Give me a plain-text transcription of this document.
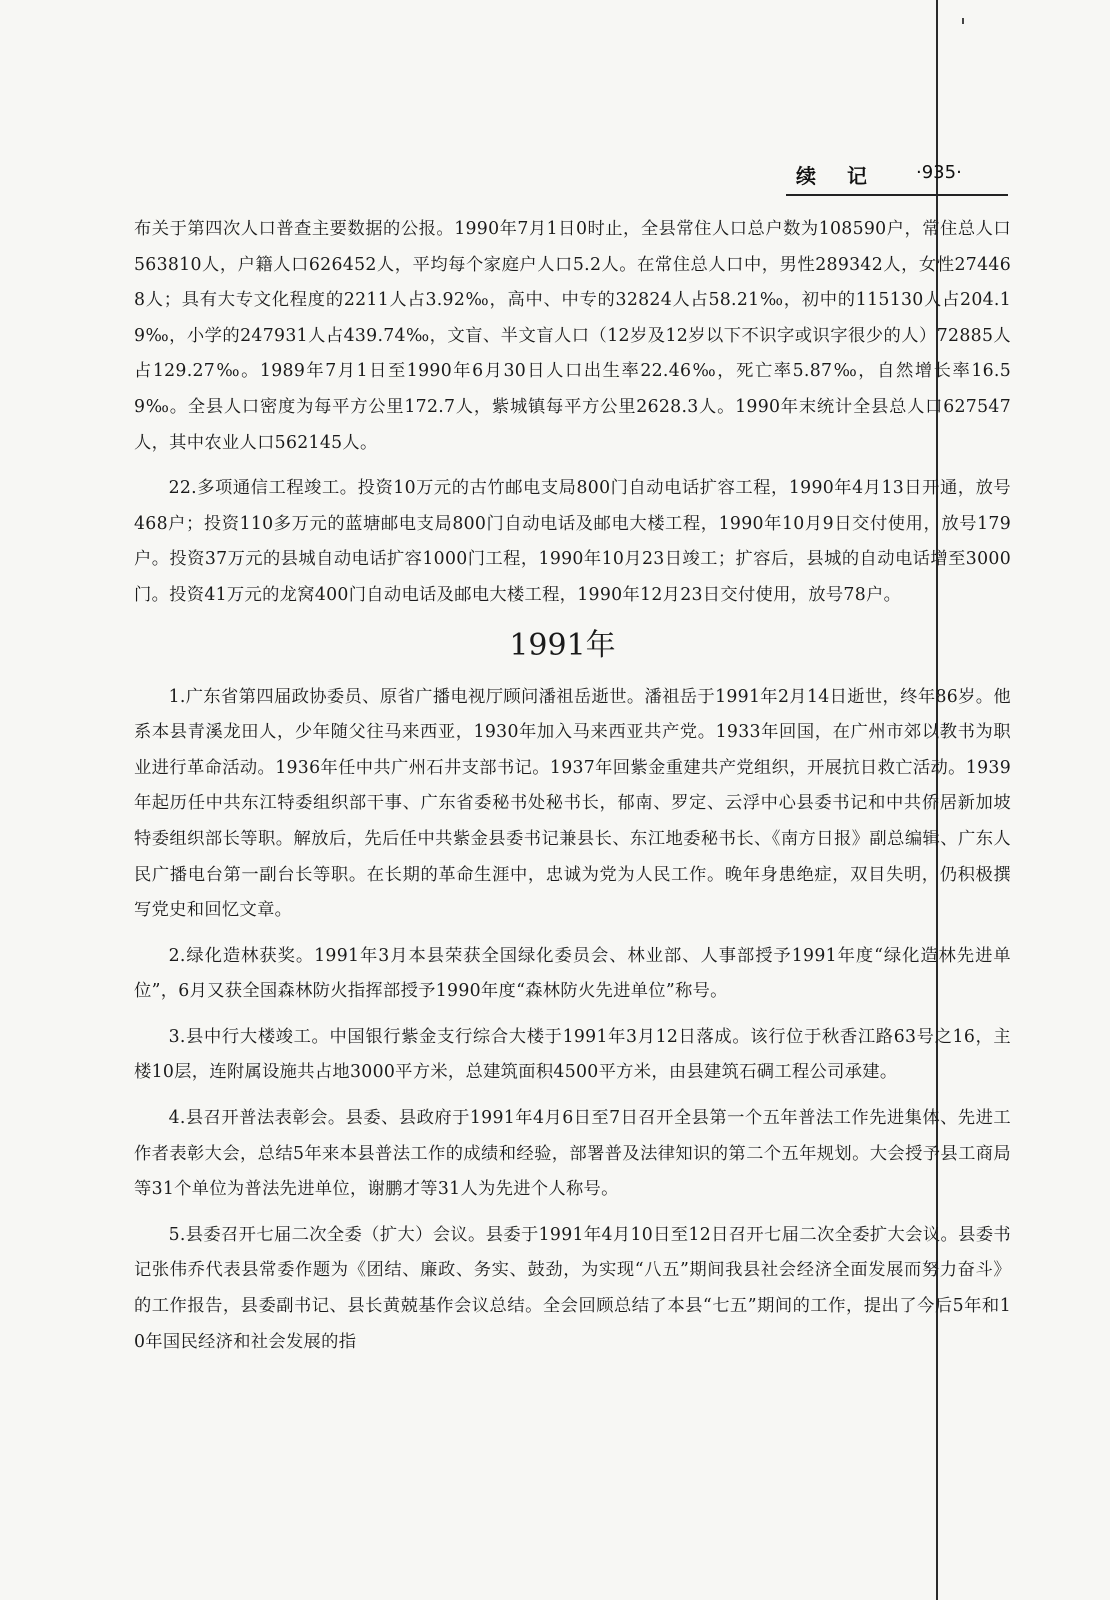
续 记 ·935·

布关于第四次人口普查主要数据的公报。1990年7月1日0时止，全县常住人口总户数为108590户，常住总人口563810人，户籍人口626452人，平均每个家庭户人口5.2人。在常住总人口中，男性289342人，女性274468人；具有大专文化程度的2211人占3.92‰，高中、中专的32824人占58.21‰，初中的115130人占204.19‰，小学的247931人占439.74‰，文盲、半文盲人口（12岁及12岁以下不识字或识字很少的人）72885人占129.27‰。1989年7月1日至1990年6月30日人口出生率22.46‰，死亡率5.87‰，自然增长率16.59‰。全县人口密度为每平方公里172.7人，紫城镇每平方公里2628.3人。1990年末统计全县总人口627547人，其中农业人口562145人。

22.多项通信工程竣工。投资10万元的古竹邮电支局800门自动电话扩容工程，1990年4月13日开通，放号468户；投资110多万元的蓝塘邮电支局800门自动电话及邮电大楼工程，1990年10月9日交付使用，放号179户。投资37万元的县城自动电话扩容1000门工程，1990年10月23日竣工；扩容后，县城的自动电话增至3000门。投资41万元的龙窝400门自动电话及邮电大楼工程，1990年12月23日交付使用，放号78户。

1991年

1.广东省第四届政协委员、原省广播电视厅顾问潘祖岳逝世。潘祖岳于1991年2月14日逝世，终年86岁。他系本县青溪龙田人，少年随父往马来西亚，1930年加入马来西亚共产党。1933年回国，在广州市郊以教书为职业进行革命活动。1936年任中共广州石井支部书记。1937年回紫金重建共产党组织，开展抗日救亡活动。1939年起历任中共东江特委组织部干事、广东省委秘书处秘书长，郁南、罗定、云浮中心县委书记和中共侨居新加坡特委组织部长等职。解放后，先后任中共紫金县委书记兼县长、东江地委秘书长、《南方日报》副总编辑、广东人民广播电台第一副台长等职。在长期的革命生涯中，忠诚为党为人民工作。晚年身患绝症，双目失明，仍积极撰写党史和回忆文章。

2.绿化造林获奖。1991年3月本县荣获全国绿化委员会、林业部、人事部授予1991年度“绿化造林先进单位”，6月又获全国森林防火指挥部授予1990年度“森林防火先进单位”称号。

3.县中行大楼竣工。中国银行紫金支行综合大楼于1991年3月12日落成。该行位于秋香江路63号之16，主楼10层，连附属设施共占地3000平方米，总建筑面积4500平方米，由县建筑石碉工程公司承建。

4.县召开普法表彰会。县委、县政府于1991年4月6日至7日召开全县第一个五年普法工作先进集体、先进工作者表彰大会，总结5年来本县普法工作的成绩和经验，部署普及法律知识的第二个五年规划。大会授予县工商局等31个单位为普法先进单位，谢鹏才等31人为先进个人称号。

5.县委召开七届二次全委（扩大）会议。县委于1991年4月10日至12日召开七届二次全委扩大会议。县委书记张伟乔代表县常委作题为《团结、廉政、务实、鼓劲，为实现“八五”期间我县社会经济全面发展而努力奋斗》的工作报告，县委副书记、县长黄兢基作会议总结。全会回顾总结了本县“七五”期间的工作，提出了今后5年和10年国民经济和社会发展的指
